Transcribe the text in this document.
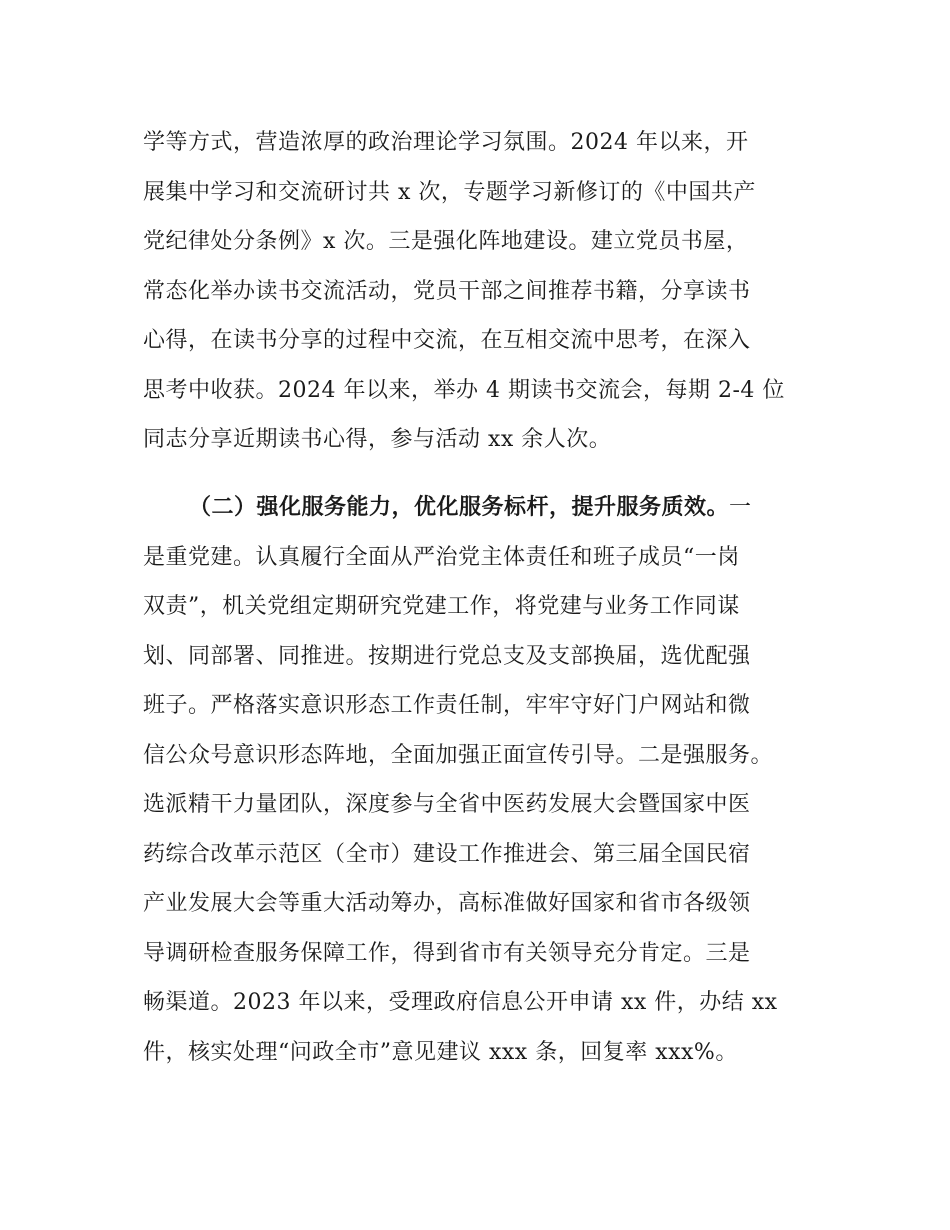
学等方式，营造浓厚的政治理论学习氛围。2024 年以来，开
展集中学习和交流研讨共 x 次，专题学习新修订的《中国共产
党纪律处分条例》x 次。三是强化阵地建设。建立党员书屋，
常态化举办读书交流活动，党员干部之间推荐书籍，分享读书
心得，在读书分享的过程中交流，在互相交流中思考，在深入
思考中收获。2024 年以来，举办 4 期读书交流会，每期 2-4 位
同志分享近期读书心得，参与活动 xx 余人次。
（二）强化服务能力，优化服务标杆，提升服务质效。一
是重党建。认真履行全面从严治党主体责任和班子成员“一岗
双责”，机关党组定期研究党建工作，将党建与业务工作同谋
划、同部署、同推进。按期进行党总支及支部换届，选优配强
班子。严格落实意识形态工作责任制，牢牢守好门户网站和微
信公众号意识形态阵地，全面加强正面宣传引导。二是强服务。
选派精干力量团队，深度参与全省中医药发展大会暨国家中医
药综合改革示范区（全市）建设工作推进会、第三届全国民宿
产业发展大会等重大活动筹办，高标准做好国家和省市各级领
导调研检查服务保障工作，得到省市有关领导充分肯定。三是
畅渠道。2023 年以来，受理政府信息公开申请 xx 件，办结 xx
件，核实处理“问政全市”意见建议 xxx 条，回复率 xxx%。
